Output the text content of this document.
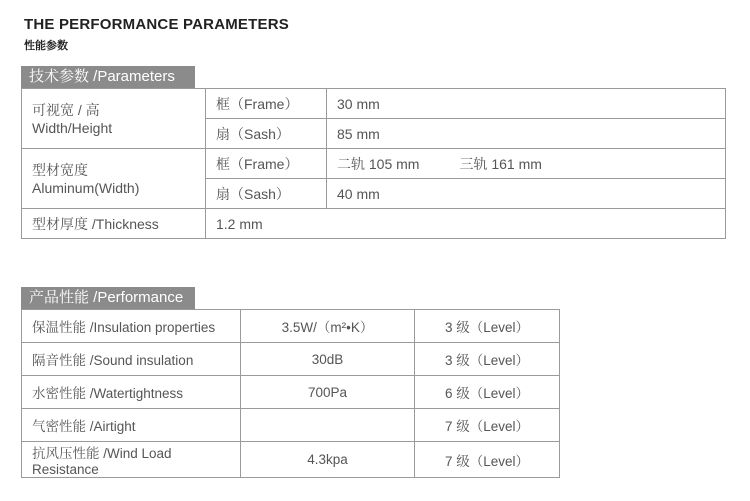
THE PERFORMANCE PARAMETERS
性能参数
技术参数 /Parameters
可视宽 / 高
Width/Height	框（Frame）	30 mm
	扇（Sash）	85 mm

型材宽度
Aluminum(Width)	框（Frame）	二轨 105 mm 三轨 161 mm
	扇（Sash）	40 mm
型材厚度 /Thickness	1.2 mm	
产品性能 /Performance
保温性能 /Insulation properties	3.5W/（m²•K）	3 级（Level）
隔音性能 /Sound insulation	30dB	3 级（Level）
水密性能 /Watertightness	700Pa	6 级（Level）
气密性能 /Airtight		7 级（Level）
抗风压性能 /Wind Load Resistance	4.3kpa	7 级（Level）
